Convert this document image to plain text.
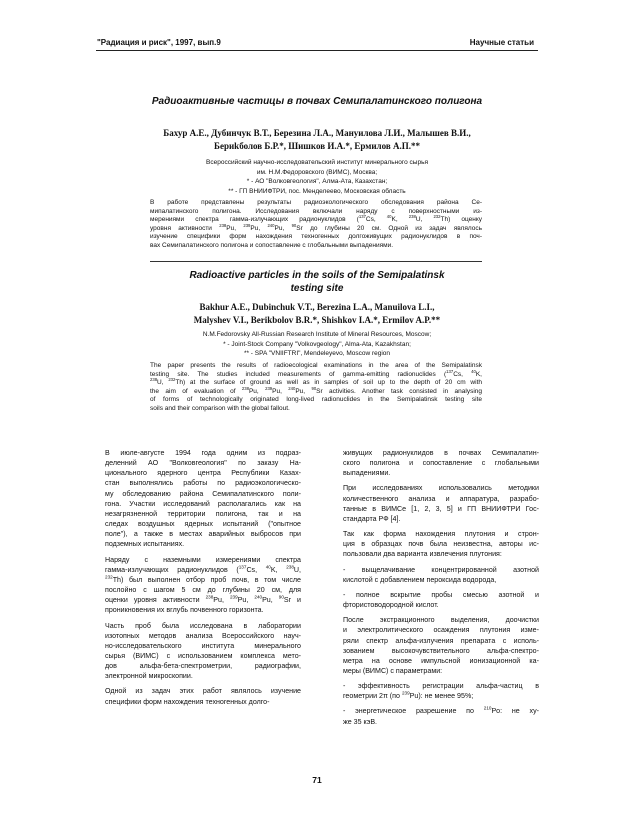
"Радиация и риск", 1997, вып.9	Научные статьи
Радиоактивные частицы в почвах Семипалатинского полигона
Бахур А.Е., Дубинчук В.Т., Березина Л.А., Мануилова Л.И., Малышев В.И.,
Бериkболов Б.Р.*, Шишков И.А.*, Ермилов А.П.**
Всероссийский научно-исследовательский институт минерального сырья
им. Н.М.Федоровского (ВИМС), Москва;
* - АО "Волковгеология", Алма-Ата, Казахстан;
** - ГП ВНИИФТРИ, пос. Менделеево, Московская область
В работе представлены результаты радиоэкологического обследования района Се-
мипалатинского полигона. Исследования включали наряду с поверхностными из-
мерениями спектра гамма-излучающих радионуклидов ($^{137}$Cs, $^{40}$K, $^{238}$U, $^{232}$Th) оценку
уровня активности $^{238}$Pu, $^{239}$Pu, $^{240}$Pu, $^{90}$Sr до глубины 20 см. Одной из задач являлось
изучение специфики форм нахождения техногенных долгоживущих радионуклидов в поч-
вах Семипалатинского полигона и сопоставление с глобальными выпадениями.
Radioactive particles in the soils of the Semipalatinsk
testing site
Bakhur A.E., Dubinchuk V.T., Berezina L.A., Manuilova L.I.,
Malyshev V.I., Berikbolov B.R.*, Shishkov I.A.*, Ermilov A.P.**
N.M.Fedorovsky All-Russian Research Institute of Mineral Resources, Moscow;
* - Joint-Stock Company "Volkovgeology", Alma-Ata, Kazakhstan;
** - SPA "VNIIFTRI", Mendeleyevo, Moscow region
The paper presents the results of radioecological examinations in the area of the Semipalatinsk
testing site. The studies included measurements of gamma-emitting radionuclides ($^{137}$Cs, $^{40}$K,
$^{238}$U, $^{232}$Th) at the surface of ground as well as in samples of soil up to the depth of 20 cm with
the aim of evaluation of $^{238}$Pu, $^{239}$Pu, $^{240}$Pu, $^{90}$Sr activities. Another task consisted in analysing
of forms of technologically originated long-lived radionuclides in the Semipalatinsk testing site
soils and their comparison with the global fallout.
В июле-августе 1994 года одним из подраз-
деленний АО "Волковгеология" по заказу На-
ционального ядерного центра Республики Казах-
стан выполнялись работы по радиоэкологическо-
му обследованию района Семипалатинского поли-
гона. Участки исследований располагались как на
незагрязненной территории полигона, так и на
следах воздушных ядерных испытаний ("опытное
поле"), а также в местах аварийных выбросов при
подземных испытаниях.
Наряду с наземными измерениями спектра
гамма-излучающих радионуклидов ($^{137}$Cs, $^{40}$K, $^{238}$U,
$^{232}$Th) был выполнен отбор проб почв, в том числе
послойно с шагом 5 см до глубины 20 см, для
оценки уровня активности $^{238}$Pu, $^{239}$Pu, $^{240}$Pu, $^{90}$Sr и
проникновения их вглубь почвенного горизонта.
Часть проб была исследована в лаборатории
изотопных методов анализа Всероссийского науч-
но-исследовательского института минерального
сырья (ВИМС) с использованием комплекса мето-
дов альфа-бета-спектрометрии, радиографии,
электронной микроскопии.
Одной из задач этих работ являлось изучение
специфики форм нахождения техногенных долго-
живущих радионуклидов в почвах Семипалатин-
ского полигона и сопоставление с глобальными
выпадениями.
При исследованиях использовались методики
количественного анализа и аппаратура, разрабо-
танные в ВИМСе [1, 2, 3, 5] и ГП ВНИИФТРИ Гос-
стандарта РФ [4].
Так как форма нахождения плутония и строн-
ция в образцах почв была неизвестна, авторы ис-
пользовали два варианта извлечения плутония:
- выщелачивание концентрированной азотной
кислотой с добавлением пероксида водорода,
- полное вскрытие пробы смесью азотной и
фтористоводородной кислот.
После экстракционного выделения, доочистки
и электролитического осаждения плутония изме-
ряли спектр альфа-излучения препарата с исполь-
зованием высокочувствительного альфа-спектро-
метра на основе импульсной ионизационной ка-
меры (ВИМС) с параметрами:
- эффективность регистрации альфа-частиц в
геометрии 2π (по $^{239}$Pu): не менее 95%;
- энергетическое разрешение по $^{210}$Po: не ху-
же 35 кэВ.
71
